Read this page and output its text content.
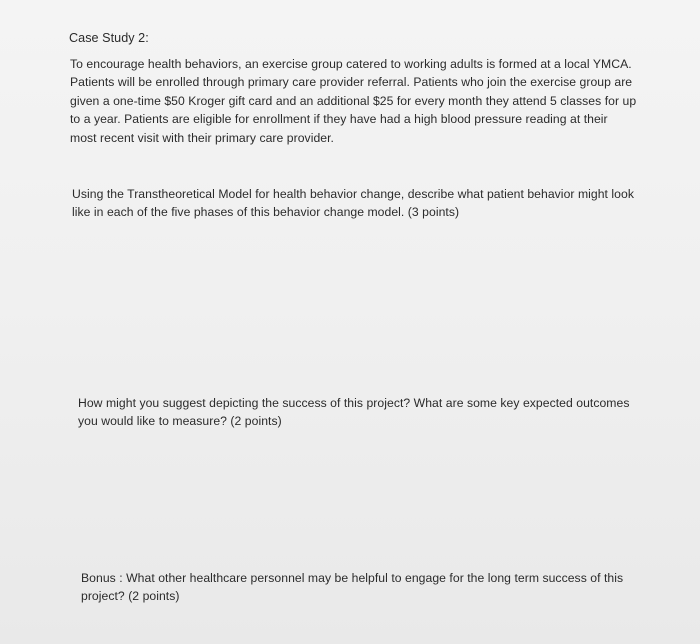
Case Study 2:
To encourage health behaviors, an exercise group catered to working adults is formed at a local YMCA.
Patients will be enrolled through primary care provider referral. Patients who join the exercise group are
given a one-time $50 Kroger gift card and an additional $25 for every month they attend 5 classes for up
to a year. Patients are eligible for enrollment if they have had a high blood pressure reading at their
most recent visit with their primary care provider.
Using the Transtheoretical Model for health behavior change, describe what patient behavior might look
like in each of the five phases of this behavior change model. (3 points)
How might you suggest depicting the success of this project? What are some key expected outcomes
you would like to measure? (2 points)
Bonus : What other healthcare personnel may be helpful to engage for the long term success of this
project? (2 points)
